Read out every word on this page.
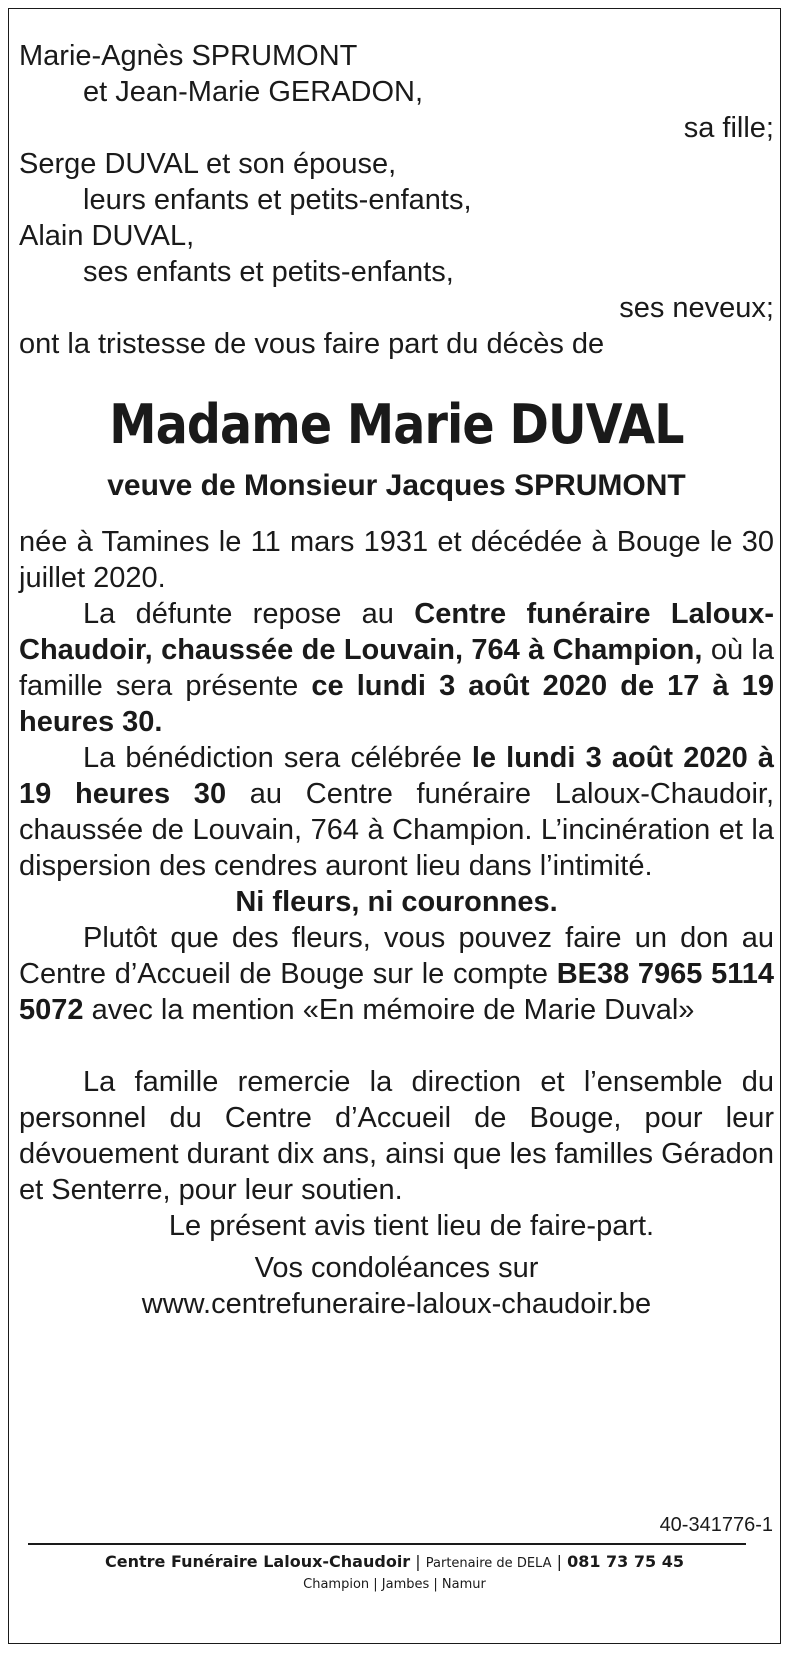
Marie-Agnès SPRUMONT

et Jean-Marie GERADON,

sa fille;

Serge DUVAL et son épouse,

leurs enfants et petits-enfants,

Alain DUVAL,

ses enfants et petits-enfants,

ses neveux;

ont la tristesse de vous faire part du décès de

Madame Marie DUVAL
veuve de Monsieur Jacques SPRUMONT

née à Tamines le 11 mars 1931 et décédée à Bouge le 30 juillet 2020.

La défunte repose au Centre funéraire Laloux-Chaudoir, chaussée de Louvain, 764 à Champion, où la famille sera présente ce lundi 3 août 2020 de 17 à 19 heures 30.

La bénédiction sera célébrée le lundi 3 août 2020 à 19 heures 30 au Centre funéraire Laloux-Chaudoir, chaussée de Louvain, 764 à Champion. L’incinération et la dispersion des cendres auront lieu dans l’intimité.

Ni fleurs, ni couronnes.

Plutôt que des fleurs, vous pouvez faire un don au Centre d’Accueil de Bouge sur le compte BE38 7965 5114 5072 avec la mention «En mémoire de Marie Duval»

La famille remercie la direction et l’ensemble du personnel du Centre d’Accueil de Bouge, pour leur dévouement durant dix ans, ainsi que les familles Géradon et Senterre, pour leur soutien.

Le présent avis tient lieu de faire-part.

Vos condoléances sur

www.centrefuneraire-laloux-chaudoir.be

40-341776-1
Centre Funéraire Laloux-Chaudoir | Partenaire de DELA | 081 73 75 45
Champion | Jambes | Namur
